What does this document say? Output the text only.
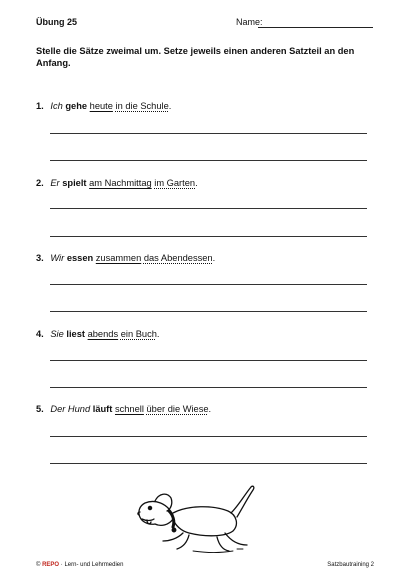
Übung 25	Name:
Stelle die Sätze zweimal um. Setze jeweils einen anderen Satzteil an den Anfang.
1. Ich gehe heute in die Schule.
2. Er spielt am Nachmittag im Garten.
3. Wir essen zusammen das Abendessen.
4. Sie liest abends ein Buch.
5. Der Hund läuft schnell über die Wiese.
© REPO · Lern- und Lehrmedien	Satzbautraining 2
